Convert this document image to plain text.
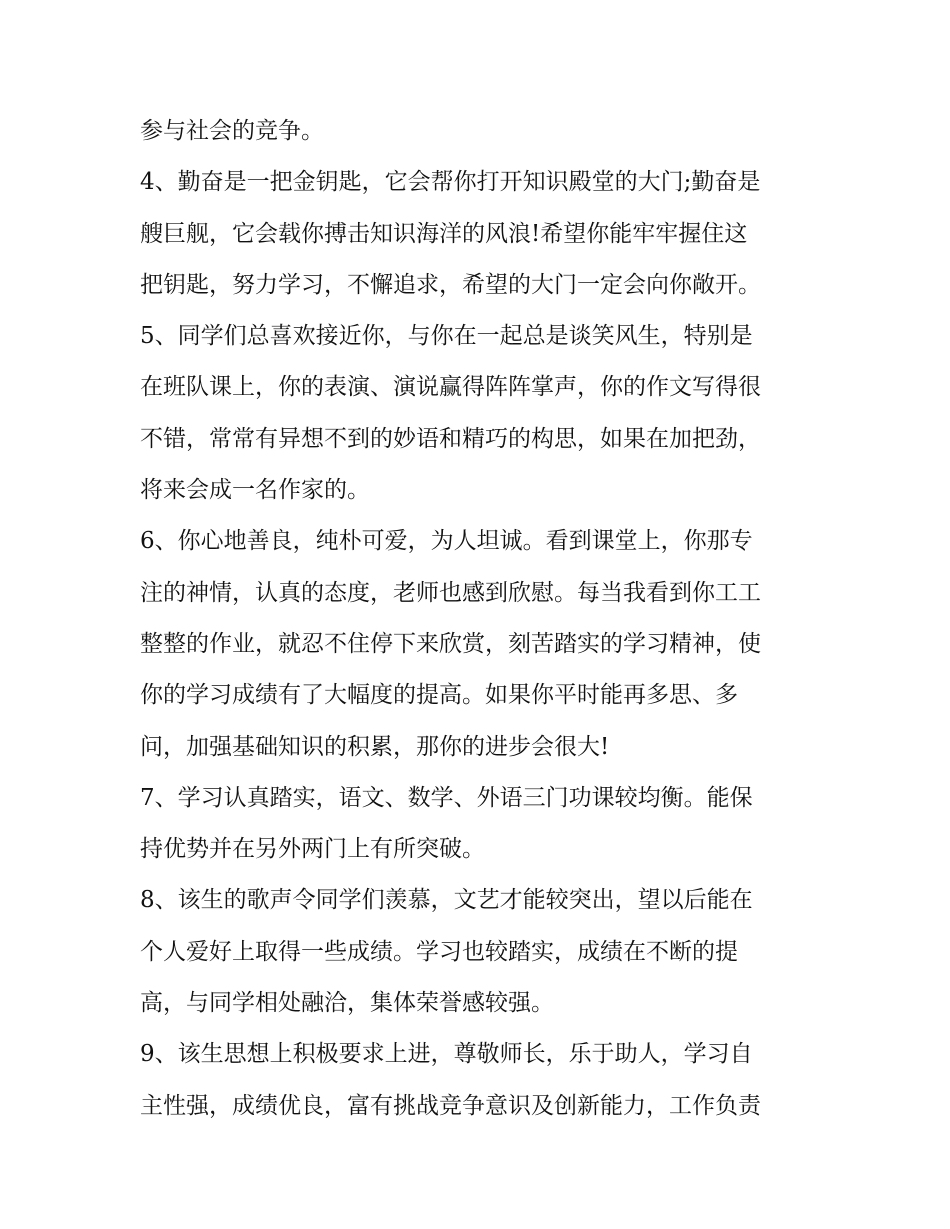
参与社会的竞争。
4、勤奋是一把金钥匙，它会帮你打开知识殿堂的大门;勤奋是
艘巨舰，它会载你搏击知识海洋的风浪!希望你能牢牢握住这
把钥匙，努力学习，不懈追求，希望的大门一定会向你敞开。
5、同学们总喜欢接近你，与你在一起总是谈笑风生，特别是
在班队课上，你的表演、演说赢得阵阵掌声，你的作文写得很
不错，常常有异想不到的妙语和精巧的构思，如果在加把劲，
将来会成一名作家的。
6、你心地善良，纯朴可爱，为人坦诚。看到课堂上，你那专
注的神情，认真的态度，老师也感到欣慰。每当我看到你工工
整整的作业，就忍不住停下来欣赏，刻苦踏实的学习精神，使
你的学习成绩有了大幅度的提高。如果你平时能再多思、多
问，加强基础知识的积累，那你的进步会很大!
7、学习认真踏实，语文、数学、外语三门功课较均衡。能保
持优势并在另外两门上有所突破。
8、该生的歌声令同学们羡慕，文艺才能较突出，望以后能在
个人爱好上取得一些成绩。学习也较踏实，成绩在不断的提
高，与同学相处融洽，集体荣誉感较强。
9、该生思想上积极要求上进，尊敬师长，乐于助人，学习自
主性强，成绩优良，富有挑战竞争意识及创新能力，工作负责
